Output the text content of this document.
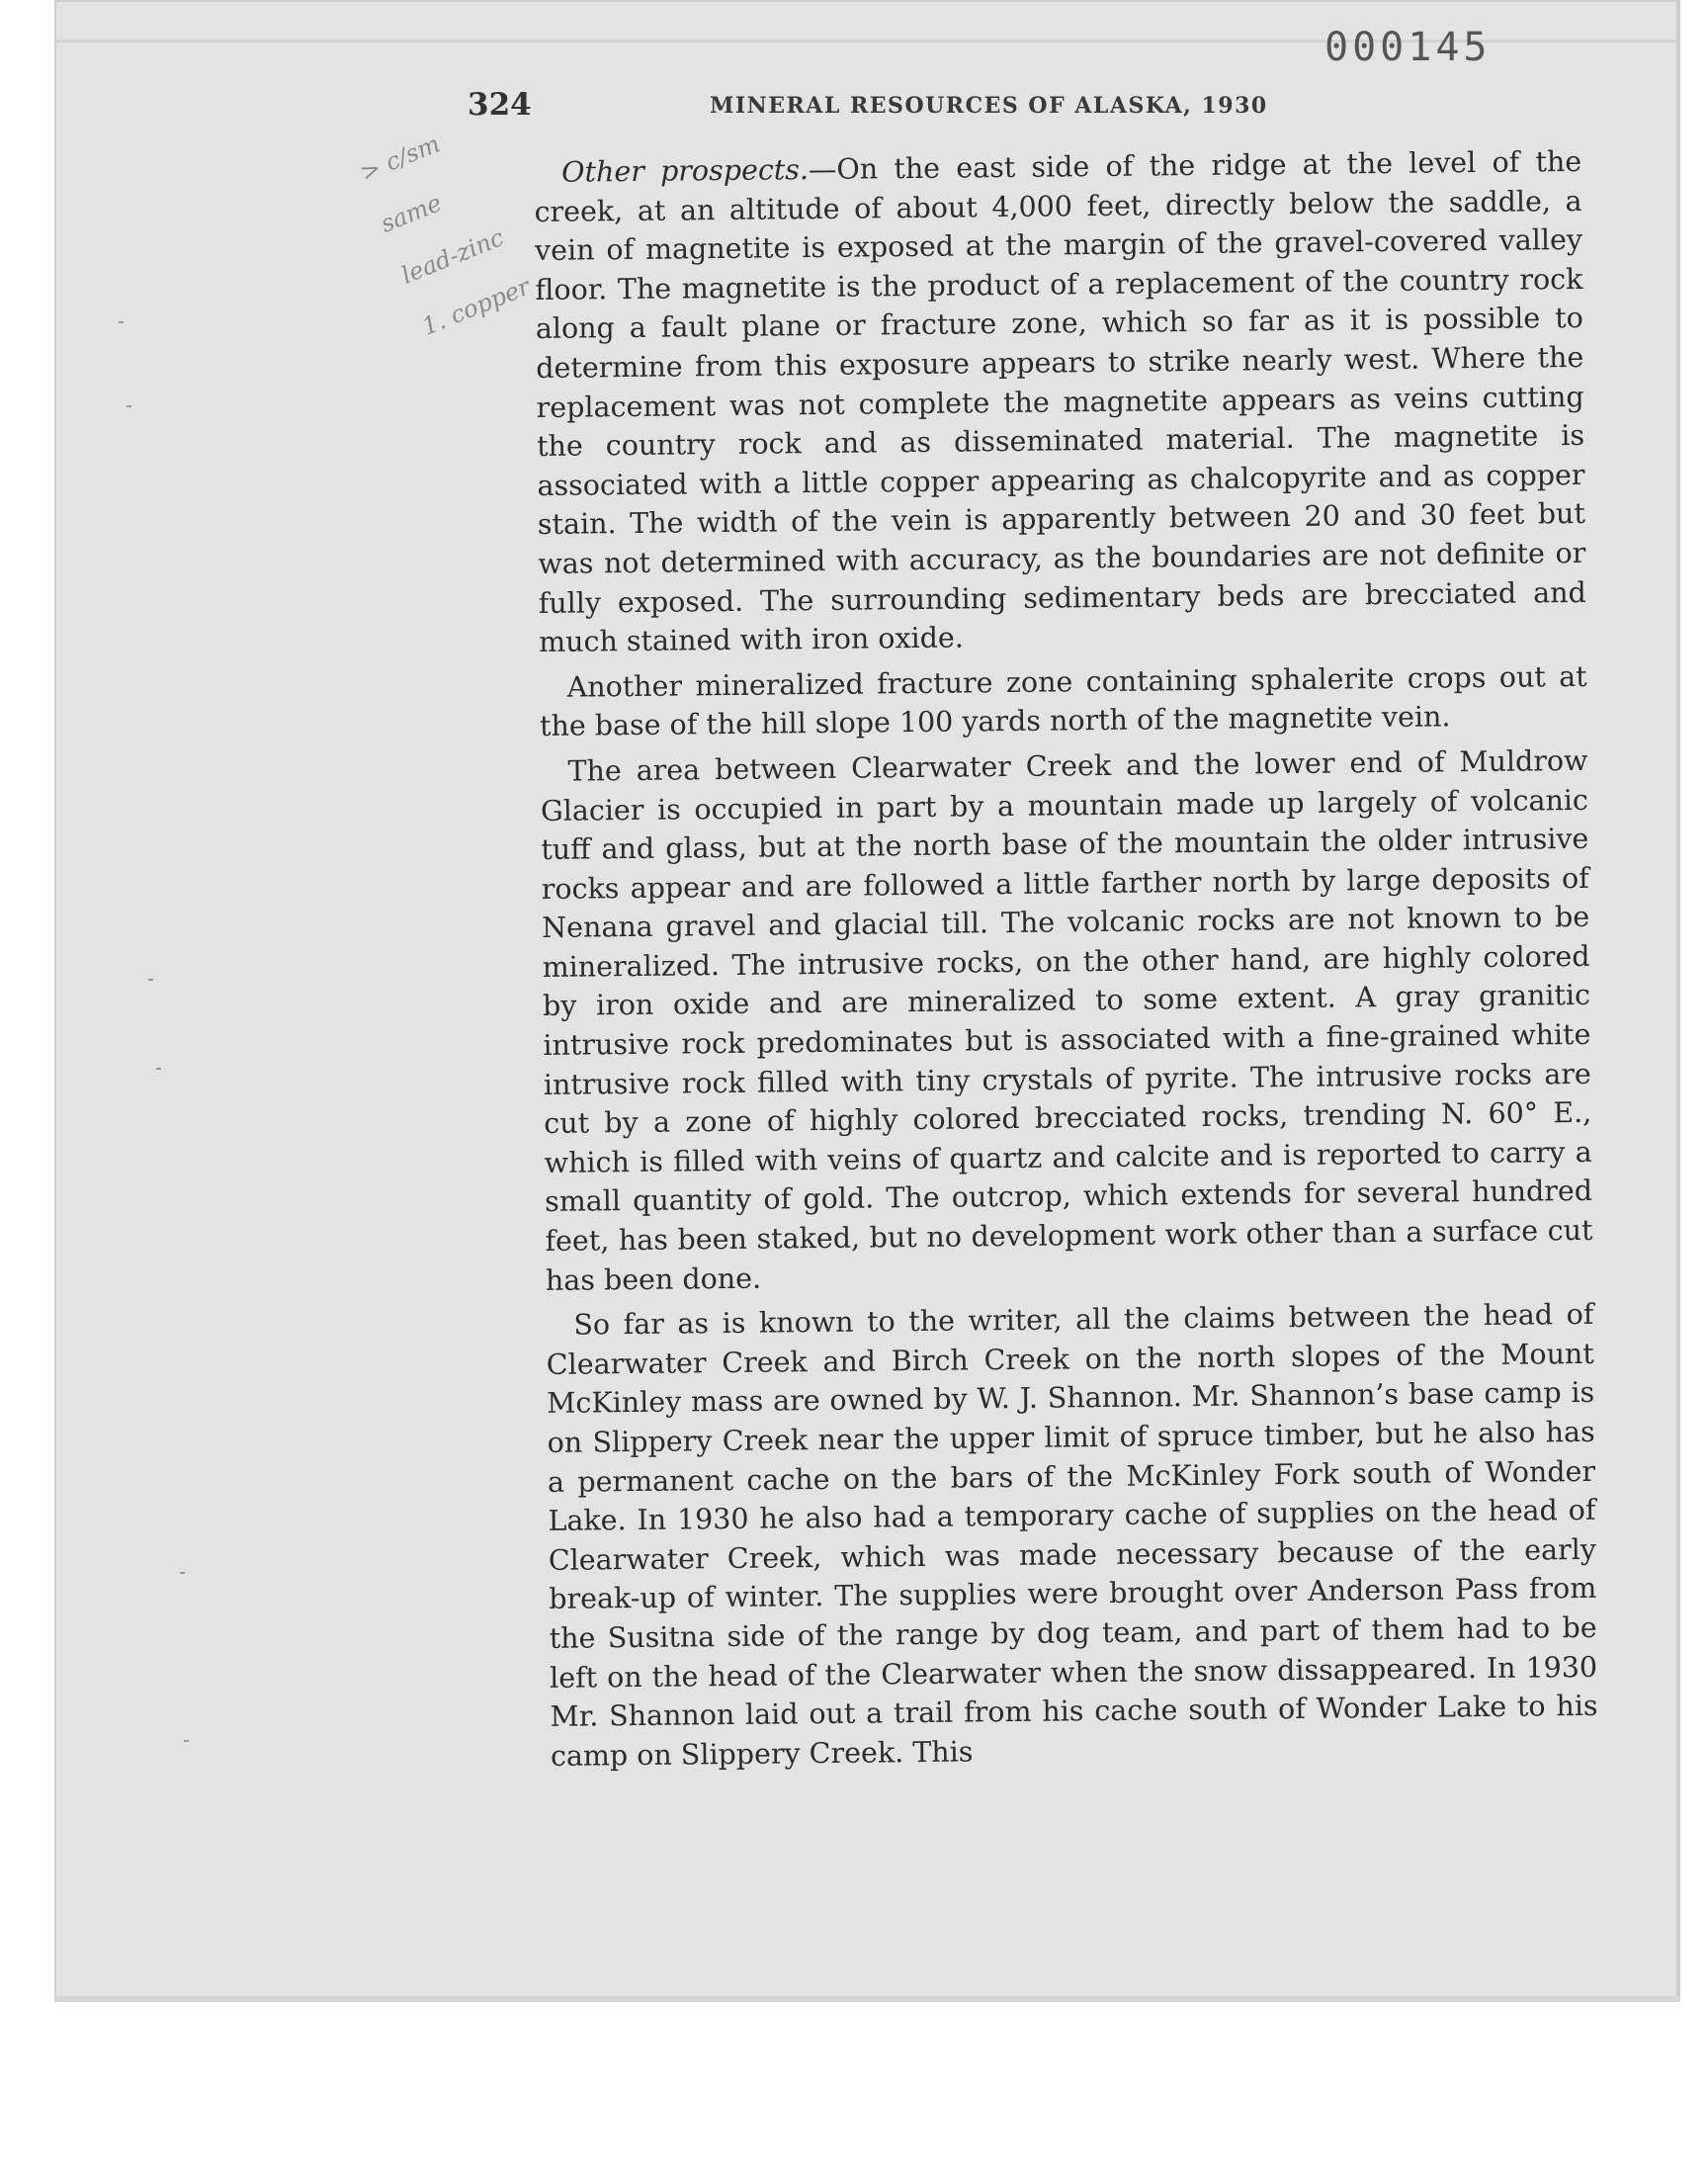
000145
324	MINERAL RESOURCES OF ALASKA, 1930
> c/sm
same
lead-zinc
1. copper

Other prospects.—On the east side of the ridge at the level of the creek, at an altitude of about 4,000 feet, directly below the saddle, a vein of magnetite is exposed at the margin of the gravel-covered valley floor. The magnetite is the product of a replacement of the country rock along a fault plane or fracture zone, which so far as it is possible to determine from this exposure appears to strike nearly west. Where the replacement was not complete the magnetite appears as veins cutting the country rock and as disseminated material. The magnetite is associated with a little copper appearing as chalcopyrite and as copper stain. The width of the vein is apparently between 20 and 30 feet but was not determined with accuracy, as the boundaries are not definite or fully exposed. The surrounding sedimentary beds are brecciated and much stained with iron oxide.

Another mineralized fracture zone containing sphalerite crops out at the base of the hill slope 100 yards north of the magnetite vein.

The area between Clearwater Creek and the lower end of Muldrow Glacier is occupied in part by a mountain made up largely of volcanic tuff and glass, but at the north base of the mountain the older intrusive rocks appear and are followed a little farther north by large deposits of Nenana gravel and glacial till. The volcanic rocks are not known to be mineralized. The intrusive rocks, on the other hand, are highly colored by iron oxide and are mineralized to some extent. A gray granitic intrusive rock predominates but is associated with a fine-grained white intrusive rock filled with tiny crystals of pyrite. The intrusive rocks are cut by a zone of highly colored brecciated rocks, trending N. 60° E., which is filled with veins of quartz and calcite and is reported to carry a small quantity of gold. The outcrop, which extends for several hundred feet, has been staked, but no development work other than a surface cut has been done.

So far as is known to the writer, all the claims between the head of Clearwater Creek and Birch Creek on the north slopes of the Mount McKinley mass are owned by W. J. Shannon. Mr. Shannon’s base camp is on Slippery Creek near the upper limit of spruce timber, but he also has a permanent cache on the bars of the McKinley Fork south of Wonder Lake. In 1930 he also had a temporary cache of supplies on the head of Clearwater Creek, which was made necessary because of the early break-up of winter. The supplies were brought over Anderson Pass from the Susitna side of the range by dog team, and part of them had to be left on the head of the Clearwater when the snow dissappeared. In 1930 Mr. Shannon laid out a trail from his cache south of Wonder Lake to his camp on Slippery Creek. This
